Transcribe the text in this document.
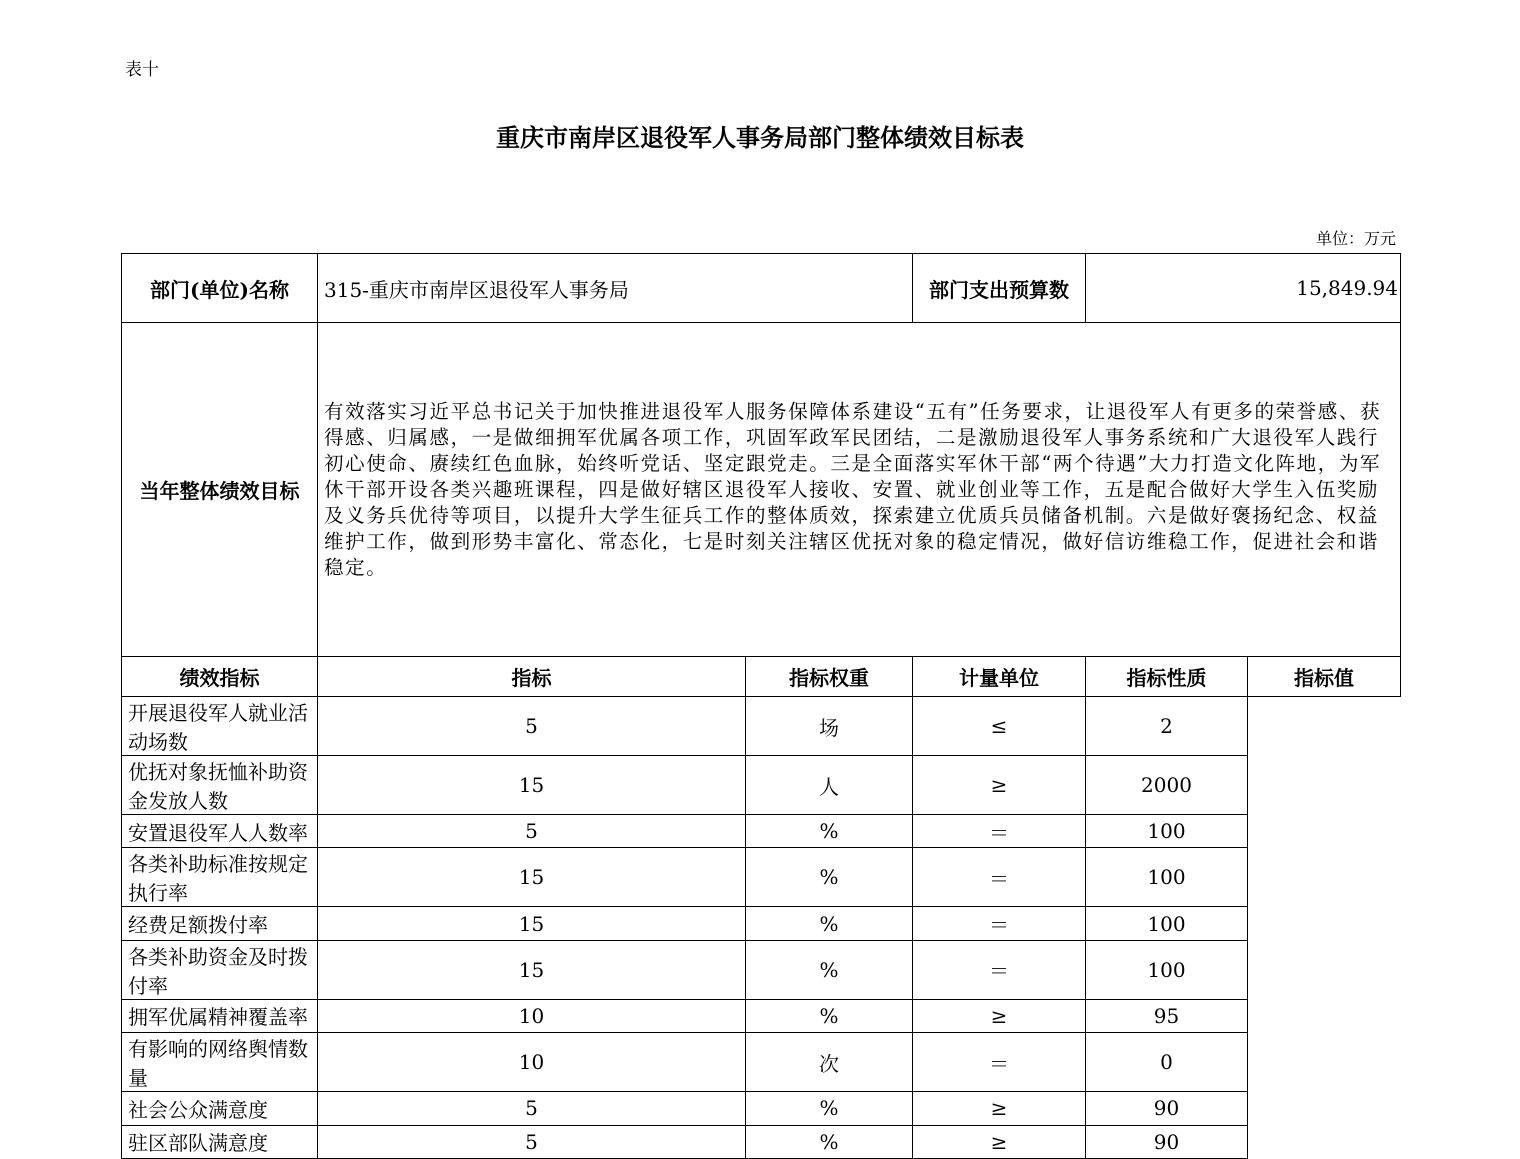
表十
重庆市南岸区退役军人事务局部门整体绩效目标表
单位：万元
部门(单位)名称	315-重庆市南岸区退役军人事务局		部门支出预算数	15,849.94	
当年整体绩效目标	有效落实习近平总书记关于加快推进退役军人服务保障体系建设“五有”任务要求，让退役军人有更多的荣誉感、获得感、归属感，一是做细拥军优属各项工作，巩固军政军民团结，二是激励退役军人事务系统和广大退役军人践行初心使命、赓续红色血脉，始终听党话、坚定跟党走。三是全面落实军休干部“两个待遇”大力打造文化阵地，为军休干部开设各类兴趣班课程，四是做好辖区退役军人接收、安置、就业创业等工作，五是配合做好大学生入伍奖励及义务兵优待等项目，以提升大学生征兵工作的整体质效，探索建立优质兵员储备机制。六是做好褒扬纪念、权益维护工作，做到形势丰富化、常态化，七是时刻关注辖区优抚对象的稳定情况，做好信访维稳工作，促进社会和谐稳定。				
绩效指标	指标	指标权重	计量单位	指标性质	指标值
开展退役军人就业活动场数	5	场	≤	2	
优抚对象抚恤补助资金发放人数	15	人	≥	2000	
安置退役军人人数率	5	%	＝	100	
各类补助标准按规定执行率	15	%	＝	100	
经费足额拨付率	15	%	＝	100	
各类补助资金及时拨付率	15	%	＝	100	
拥军优属精神覆盖率	10	%	≥	95	
有影响的网络舆情数量	10	次	＝	0	
社会公众满意度	5	%	≥	90	
驻区部队满意度	5	%	≥	90	
